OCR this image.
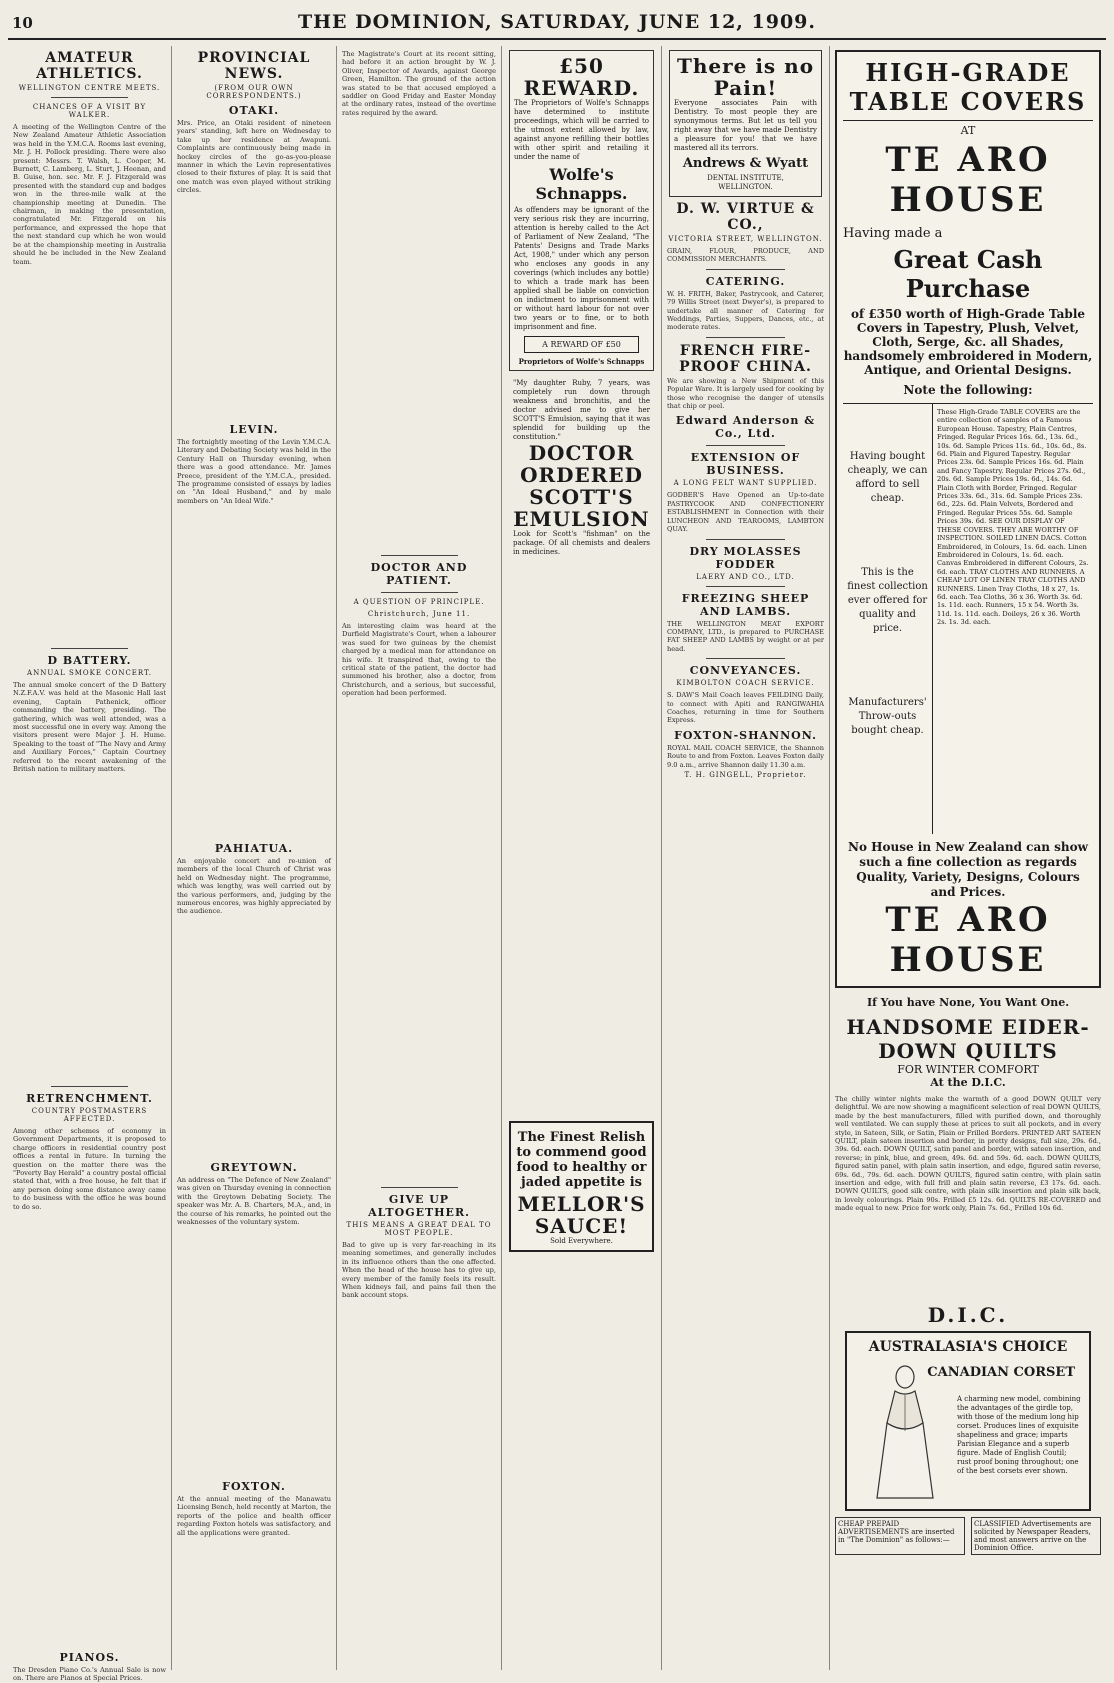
10	THE DOMINION, SATURDAY, JUNE 12, 1909.
AMATEUR ATHLETICS.
WELLINGTON CENTRE MEETS.
CHANCES OF A VISIT BY WALKER.
A meeting of the Wellington Centre of the New Zealand Amateur Athletic Association was held in the Y.M.C.A. Rooms last evening, Mr. J. H. Pollock presiding. There were also present: Messrs. T. Walsh, L. Cooper, M. Burnett, C. Lamberg, L. Sturt, J. Heenan, and B. Guise, hon. sec. Mr. F. J. Fitzgerald was presented with the standard cup and badges won in the three-mile walk at the championship meeting at Dunedin. The chairman, in making the presentation, congratulated Mr. Fitzgerald on his performance, and expressed the hope that the next standard cup which he won would be at the championship meeting in Australia should he be included in the New Zealand team.
D BATTERY.
ANNUAL SMOKE CONCERT.
The annual smoke concert of the D Battery N.Z.F.A.V. was held at the Masonic Hall last evening, Captain Pathenick, officer commanding the battery, presiding. The gathering, which was well attended, was a most successful one in every way. Among the visitors present were Major J. H. Hume. Speaking to the toast of "The Navy and Army and Auxiliary Forces," Captain Courtney referred to the recent awakening of the British nation to military matters.
RETRENCHMENT.
COUNTRY POSTMASTERS AFFECTED.
Among other schemes of economy in Government Departments, it is proposed to charge officers in residential country post offices a rental in future. In turning the question on the matter there was the "Poverty Bay Herald" a country postal official stated that, with a free house, he felt that if any person doing some distance away came to do business with the office he was bound to do so.
PIANOS.
The Dresden Piano Co.'s Annual Sale is now on. There are Pianos at Special Prices.
PROVINCIAL NEWS.
(FROM OUR OWN CORRESPONDENTS.)
OTAKI.
Mrs. Price, an Otaki resident of nineteen years' standing, left here on Wednesday to take up her residence at Awapuni. Complaints are continuously being made in hockey circles of the go-as-you-please manner in which the Levin representatives closed to their fixtures of play. It is said that one match was even played without striking circles.
LEVIN.
The fortnightly meeting of the Levin Y.M.C.A. Literary and Debating Society was held in the Century Hall on Thursday evening, when there was a good attendance. Mr. James Preece, president of the Y.M.C.A., presided. The programme consisted of essays by ladies on "An Ideal Husband," and by male members on "An Ideal Wife."
PAHIATUA.
An enjoyable concert and re-union of members of the local Church of Christ was held on Wednesday night. The programme, which was lengthy, was well carried out by the various performers, and, judging by the numerous encores, was highly appreciated by the audience.
GREYTOWN.
An address on "The Defence of New Zealand" was given on Thursday evening in connection with the Greytown Debating Society. The speaker was Mr. A. B. Charters, M.A., and, in the course of his remarks, he pointed out the weaknesses of the voluntary system.
FOXTON.
At the annual meeting of the Manawatu Licensing Bench, held recently at Marton, the reports of the police and health officer regarding Foxton hotels was satisfactory, and all the applications were granted.
The Magistrate's Court at its recent sitting, had before it an action brought by W. J. Oliver, Inspector of Awards, against George Green, Hamilton. The ground of the action was stated to be that accused employed a saddler on Good Friday and Easter Monday at the ordinary rates, instead of the overtime rates required by the award.
DOCTOR AND PATIENT.
A QUESTION OF PRINCIPLE.
Christchurch, June 11.
An interesting claim was heard at the Durfield Magistrate's Court, when a labourer was sued for two guineas by the chemist charged by a medical man for attendance on his wife. It transpired that, owing to the critical state of the patient, the doctor had summoned his brother, also a doctor, from Christchurch, and a serious, but successful, operation had been performed.
GIVE UP ALTOGETHER.
THIS MEANS A GREAT DEAL TO MOST PEOPLE.
Bad to give up is very far-reaching in its meaning sometimes, and generally includes in its influence others than the one affected. When the head of the house has to give up, every member of the family feels its result. When kidneys fail, and pains fail then the bank account stops.
£50 REWARD.
The Proprietors of Wolfe's Schnapps have determined to institute proceedings, which will be carried to the utmost extent allowed by law, against anyone refilling their bottles with other spirit and retailing it under the name of
Wolfe's Schnapps.
As offenders may be ignorant of the very serious risk they are incurring, attention is hereby called to the Act of Parliament of New Zealand, "The Patents' Designs and Trade Marks Act, 1908," under which any person who encloses any goods in any coverings (which includes any bottle) to which a trade mark has been applied shall be liable on conviction on indictment to imprisonment with or without hard labour for not over two years or to fine, or to both imprisonment and fine.
A REWARD OF £50
Proprietors of Wolfe's Schnapps
"My daughter Ruby, 7 years, was completely run down through weakness and bronchitis, and the doctor advised me to give her SCOTT'S Emulsion, saying that it was splendid for building up the constitution."
DOCTOR
ORDERED
SCOTT'S
EMULSION
Look for Scott's "fishman" on the package. Of all chemists and dealers in medicines.
The Finest Relish to commend good food to healthy or jaded appetite is
MELLOR'S
SAUCE!
Sold Everywhere.
There is no Pain!
Everyone associates Pain with Dentistry. To most people they are synonymous terms. But let us tell you right away that we have made Dentistry a pleasure for you! that we have mastered all its terrors.
Andrews & Wyatt
DENTAL INSTITUTE,
WELLINGTON.
D. W. VIRTUE & CO.,
VICTORIA STREET, WELLINGTON.
GRAIN, FLOUR, PRODUCE, AND COMMISSION MERCHANTS.
CATERING.
W. H. FRITH, Baker, Pastrycook, and Caterer, 79 Willis Street (next Dwyer's), is prepared to undertake all manner of Catering for Weddings, Parties, Suppers, Dances, etc., at moderate rates.
FRENCH FIRE-PROOF CHINA.
We are showing a New Shipment of this Popular Ware. It is largely used for cooking by those who recognise the danger of utensils that chip or peel.
Edward Anderson & Co., Ltd.
EXTENSION OF BUSINESS.
A LONG FELT WANT SUPPLIED.
GODBER'S Have Opened an Up-to-date PASTRYCOOK AND CONFECTIONERY ESTABLISHMENT in Connection with their LUNCHEON AND TEAROOMS, LAMBTON QUAY.
DRY MOLASSES FODDER
LAERY AND CO., LTD.
FREEZING SHEEP AND LAMBS.
THE WELLINGTON MEAT EXPORT COMPANY, LTD., is prepared to PURCHASE FAT SHEEP AND LAMBS by weight or at per head.
CONVEYANCES.
KIMBOLTON COACH SERVICE.
S. DAW'S Mail Coach leaves FEILDING Daily, to connect with Apiti and RANGIWAHIA Coaches, returning in time for Southern Express.
FOXTON-SHANNON.
ROYAL MAIL COACH SERVICE, the Shannon Route to and from Foxton. Leaves Foxton daily 9.0 a.m., arrive Shannon daily 11.30 a.m.
T. H. GINGELL, Proprietor.
HIGH-GRADE TABLE COVERS
AT
TE ARO HOUSE
Having made a
Great Cash Purchase
of £350 worth of High-Grade Table Covers in Tapestry, Plush, Velvet, Cloth, Serge, &c. all Shades, handsomely embroidered in Modern, Antique, and Oriental Designs.
Note the following:
Having bought cheaply, we can afford to sell cheap.
This is the finest collection ever offered for quality and price.
Manufacturers' Throw-outs bought cheap.
These High-Grade TABLE COVERS are the entire collection of samples of a Famous European House. Tapestry, Plain Centres, Fringed. Regular Prices 16s. 6d., 13s. 6d., 10s. 6d. Sample Prices 11s. 6d., 10s. 6d., 8s. 6d. Plain and Figured Tapestry. Regular Prices 23s. 6d. Sample Prices 16s. 6d. Plain and Fancy Tapestry. Regular Prices 27s. 6d., 20s. 6d. Sample Prices 19s. 6d., 14s. 6d. Plain Cloth with Border, Fringed. Regular Prices 33s. 6d., 31s. 6d. Sample Prices 23s. 6d., 22s. 6d. Plain Velvets, Bordered and Fringed. Regular Prices 55s. 6d. Sample Prices 39s. 6d. SEE OUR DISPLAY OF THESE COVERS. THEY ARE WORTHY OF INSPECTION. SOILED LINEN DACS. Cotton Embroidered, in Colours, 1s. 6d. each. Linen Embroidered in Colours, 1s. 6d. each. Canvas Embroidered in different Colours, 2s. 6d. each. TRAY CLOTHS AND RUNNERS. A CHEAP LOT OF LINEN TRAY CLOTHS AND RUNNERS. Linen Tray Cloths, 18 x 27, 1s. 6d. each. Tea Cloths, 36 x 36. Worth 3s. 6d. 1s. 11d. each. Runners, 15 x 54. Worth 3s. 11d. 1s. 11d. each. Doileys, 26 x 36. Worth 2s. 1s. 3d. each.
No House in New Zealand can show such a fine collection as regards Quality, Variety, Designs, Colours and Prices.
TE ARO HOUSE
If You have None, You Want One.
HANDSOME EIDER-DOWN QUILTS
FOR WINTER COMFORT
At the D.I.C.
The chilly winter nights make the warmth of a good DOWN QUILT very delightful. We are now showing a magnificent selection of real DOWN QUILTS, made by the best manufacturers, filled with purified down, and thoroughly well ventilated. We can supply these at prices to suit all pockets, and in every style, in Sateen, Silk, or Satin, Plain or Frilled Borders. PRINTED ART SATEEN QUILT, plain sateen insertion and border, in pretty designs, full size, 29s. 6d., 39s. 6d. each. DOWN QUILT, satin panel and border, with sateen insertion, and reverse; in pink, blue, and green, 49s. 6d. and 59s. 6d. each. DOWN QUILTS, figured satin panel, with plain satin insertion, and edge, figured satin reverse, 69s. 6d., 79s. 6d. each. DOWN QUILTS, figured satin centre, with plain satin insertion and edge, with full frill and plain satin reverse, £3 17s. 6d. each. DOWN QUILTS, good silk centre, with plain silk insertion and plain silk back, in lovely colourings. Plain 90s. Frilled £5 12s. 6d. QUILTS RE-COVERED and made equal to new. Price for work only, Plain 7s. 6d., Frilled 10s 6d.
D.I.C.
AUSTRALASIA'S CHOICE
CANADIAN CORSET
A charming new model, combining the advantages of the girdle top, with those of the medium long hip corset. Produces lines of exquisite shapeliness and grace; imparts Parisian Elegance and a superb figure. Made of English Coutil; rust proof boning throughout; one of the best corsets ever shown.
CHEAP PREPAID ADVERTISEMENTS are inserted in "The Dominion" as follows:—
CLASSIFIED Advertisements are solicited by Newspaper Readers, and most answers arrive on the Dominion Office.
